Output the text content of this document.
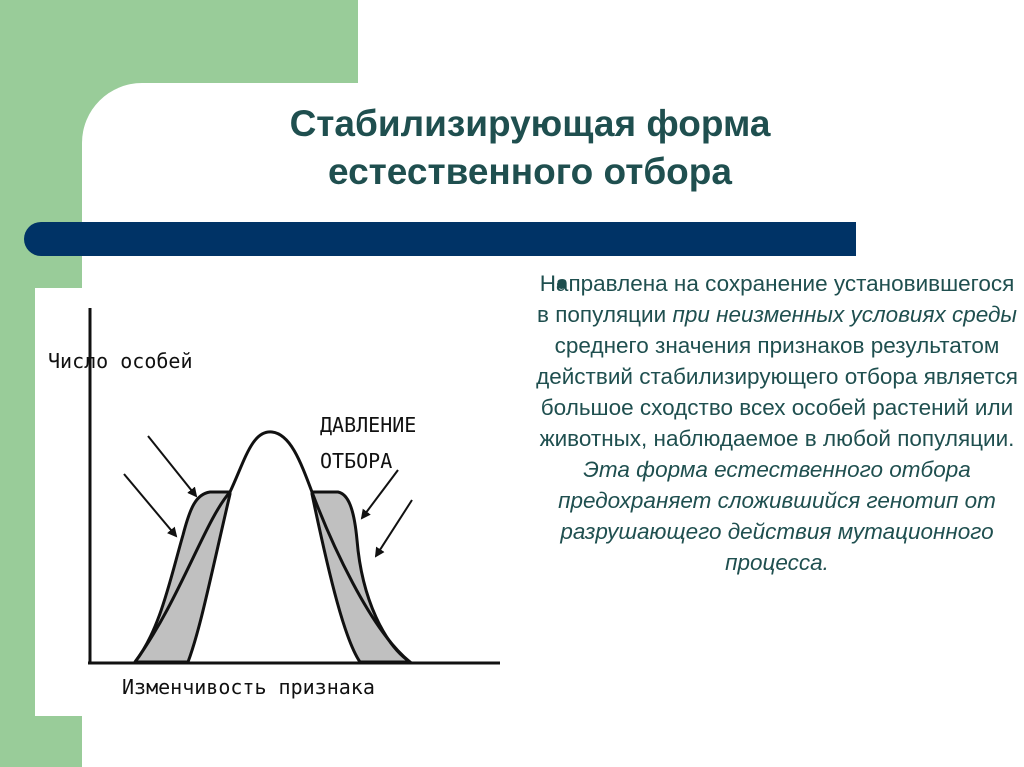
Стабилизирующая форма
естественного отбора
Число особей
Изменчивость признака
ДАВЛЕНИЕ
ОТБОРА
Направлена на сохранение установившегося в популяции при неизменных условиях среды среднего значения признаков результатом действий стабилизирующего отбора является большое сходство всех особей растений или животных, наблюдаемое в любой популяции. Эта форма естественного отбора предохраняет сложившийся генотип от разрушающего действия мутационного процесса.
